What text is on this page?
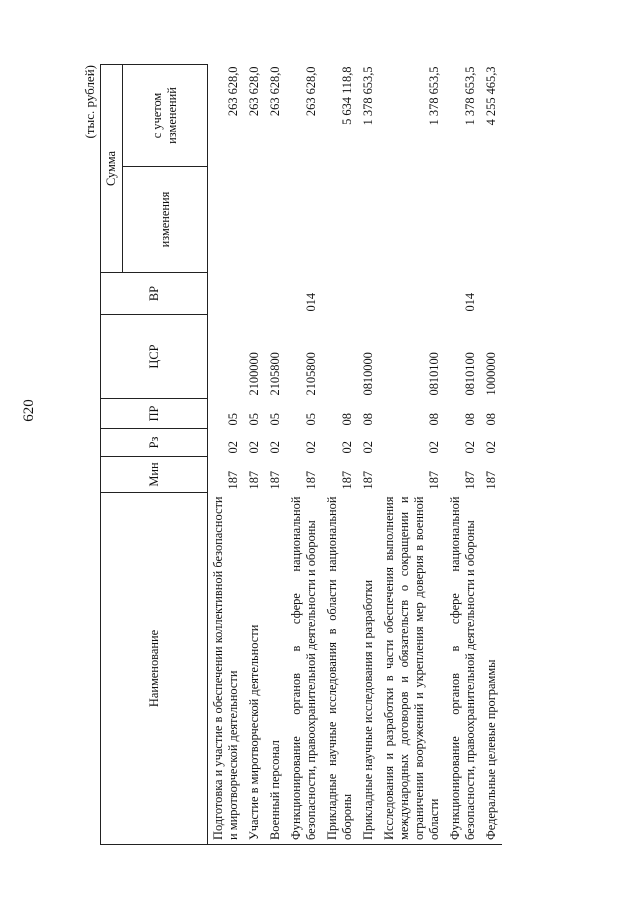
620
(тыс. рублей)
Наименование	Мин	Рз	ПР	ЦСР	ВР	Сумма	
						изменения	с учетом изменений
Подготовка и участие в обеспечении коллективной безопасности и миротворческой деятельности	187	02	05				263 628,0
Участие в миротворческой деятельности	187	02	05	2100000			263 628,0
Военный персонал	187	02	05	2105800			263 628,0
Функционирование органов в сфере национальной безопасности, правоохранительной деятельности и обороны	187	02	05	2105800	014		263 628,0
Прикладные научные исследования в области национальной обороны	187	02	08				5 634 118,8
Прикладные научные исследования и разработки	187	02	08	0810000			1 378 653,5
Исследования и разработки в части обеспечения выполнения международных договоров и обязательств о сокращении и ограничении вооружений и укрепления мер доверия в военной области	187	02	08	0810100			1 378 653,5
Функционирование органов в сфере национальной безопасности, правоохранительной деятельности и обороны	187	02	08	0810100	014		1 378 653,5
Федеральные целевые программы	187	02	08	1000000			4 255 465,3
